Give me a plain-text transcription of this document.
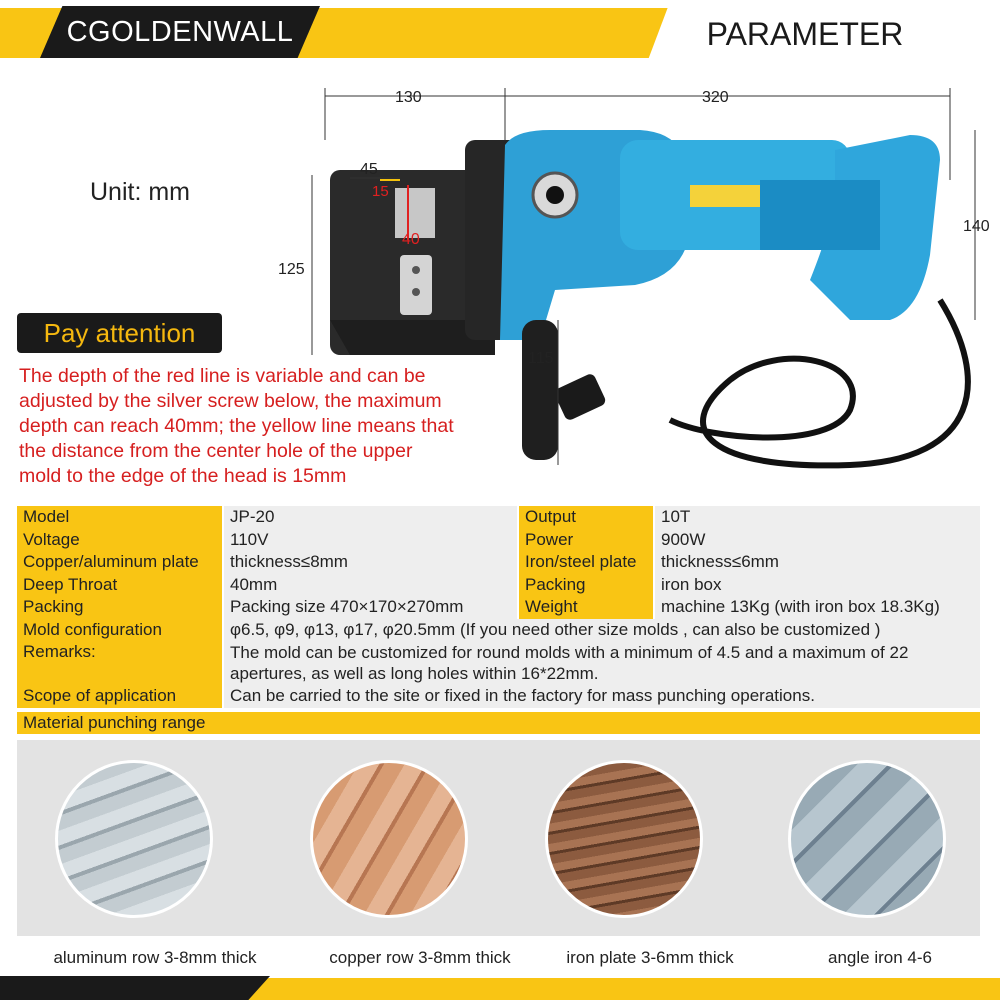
CGOLDENWALL	PARAMETER
Unit: mm
130	320
45
15
40
125
140
115
Pay attention
The depth of the red line is variable and can be
adjusted by the silver screw below, the maximum
depth can reach 40mm; the yellow line means that
the distance from the center hole of the upper
mold to the edge of the head is 15mm
Model	JP-20	Output	10T
Voltage	110V	Power	900W
Copper/aluminum plate	thickness≤8mm	Iron/steel plate	thickness≤6mm
Deep Throat	40mm	Packing	iron box
Packing	Packing size 470×170×270mm	Weight	machine 13Kg (with iron box 18.3Kg)
Mold configuration	φ6.5, φ9, φ13, φ17, φ20.5mm (If you need other size molds , can also be customized )
Remarks:	The mold can be customized for round molds with a minimum of 4.5 and a maximum of 22 apertures, as well as long holes within 16*22mm.
Scope of application	Can be carried to the site or fixed in the factory for mass punching operations.
Material punching range
aluminum row 3-8mm thick	copper row 3-8mm thick	iron plate 3-6mm thick	angle iron 4-6
